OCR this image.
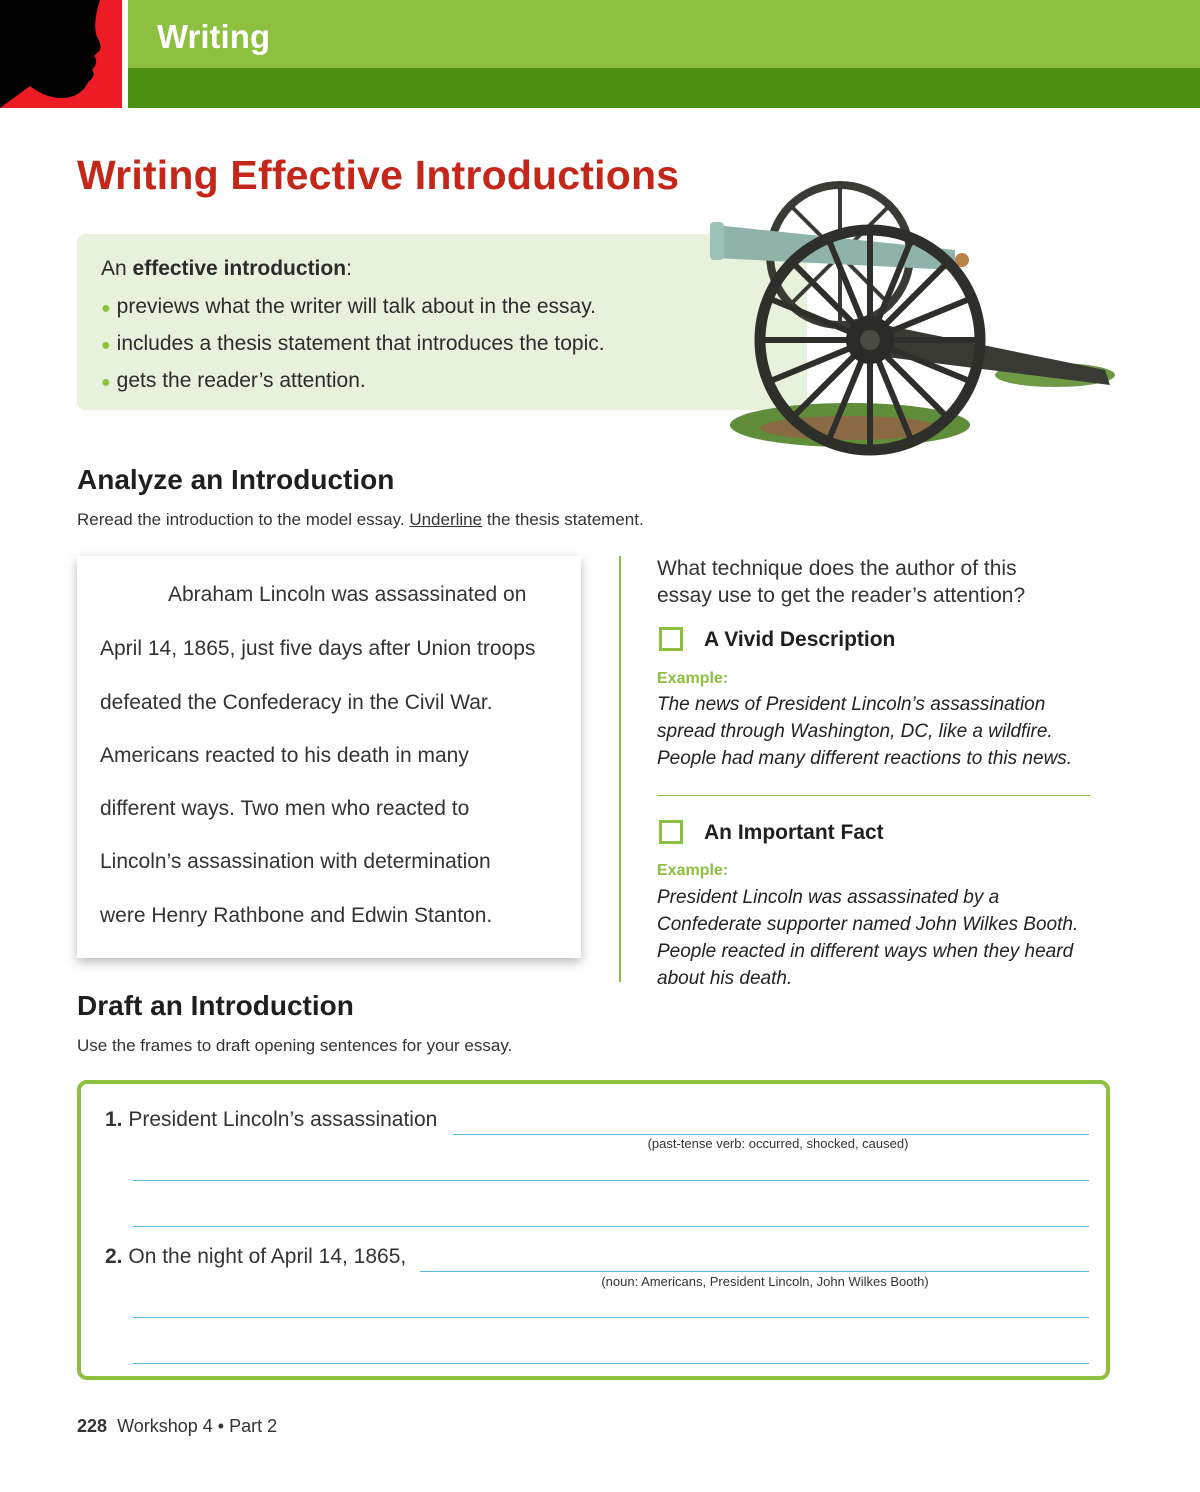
Writing
Writing Effective Introductions
An effective introduction:
● previews what the writer will talk about in the essay.
● includes a thesis statement that introduces the topic.
● gets the reader’s attention.
Analyze an Introduction
Reread the introduction to the model essay. Underline the thesis statement.
Abraham Lincoln was assassinated on
April 14, 1865, just five days after Union troops
defeated the Confederacy in the Civil War.
Americans reacted to his death in many
different ways. Two men who reacted to
Lincoln’s assassination with determination
were Henry Rathbone and Edwin Stanton.
What technique does the author of this essay use to get the reader’s attention?
A Vivid Description
Example:
The news of President Lincoln’s assassination spread through Washington, DC, like a wildfire. People had many different reactions to this news.
An Important Fact
Example:
President Lincoln was assassinated by a Confederate supporter named John Wilkes Booth. People reacted in different ways when they heard about his death.
Draft an Introduction
Use the frames to draft opening sentences for your essay.
1. President Lincoln’s assassination
(past-tense verb: occurred, shocked, caused)
2. On the night of April 14, 1865,
(noun: Americans, President Lincoln, John Wilkes Booth)
228 Workshop 4 • Part 2
